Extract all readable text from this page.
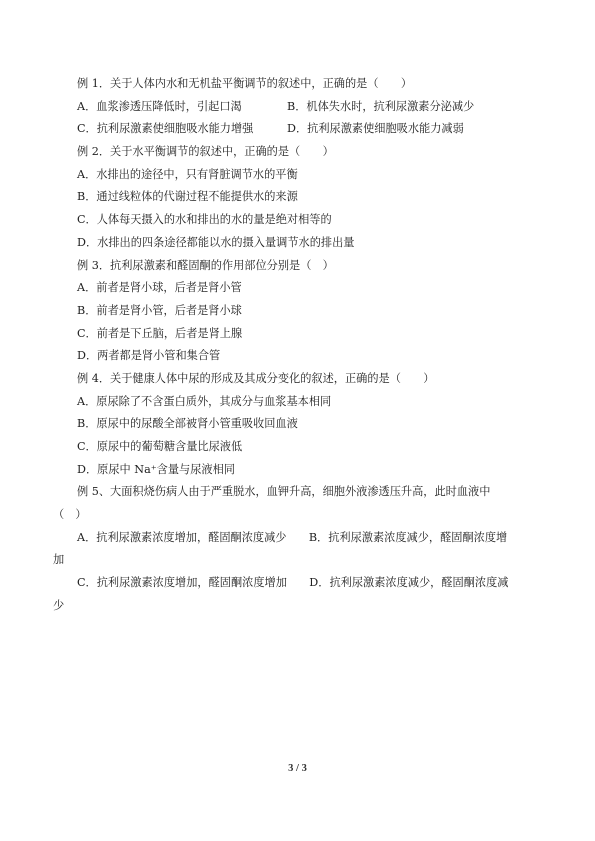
例 1．关于人体内水和无机盐平衡调节的叙述中，正确的是（　　）
A．血浆渗透压降低时，引起口渴	B．机体失水时，抗利尿激素分泌减少
C．抗利尿激素使细胞吸水能力增强	D．抗利尿激素使细胞吸水能力减弱
例 2．关于水平衡调节的叙述中，正确的是（　　）
A．水排出的途径中，只有肾脏调节水的平衡
B．通过线粒体的代谢过程不能提供水的来源
C．人体每天摄入的水和排出的水的量是绝对相等的
D．水排出的四条途径都能以水的摄入量调节水的排出量
例 3．抗利尿激素和醛固酮的作用部位分别是（　）
A．前者是肾小球，后者是肾小管
B．前者是肾小管，后者是肾小球
C．前者是下丘脑，后者是肾上腺
D．两者都是肾小管和集合管
例 4．关于健康人体中尿的形成及其成分变化的叙述，正确的是（　　）
A．原尿除了不含蛋白质外，其成分与血浆基本相同
B．原尿中的尿酸全部被肾小管重吸收回血液
C．原尿中的葡萄糖含量比尿液低
D．原尿中 Na⁺含量与尿液相同
例 5、大面积烧伤病人由于严重脱水，血钾升高，细胞外液渗透压升高，此时血液中
（　）
A．抗利尿激素浓度增加，醛固酮浓度减少　　B．抗利尿激素浓度减少，醛固酮浓度增
加
C．抗利尿激素浓度增加，醛固酮浓度增加　　D．抗利尿激素浓度减少，醛固酮浓度减
少
3 / 3
